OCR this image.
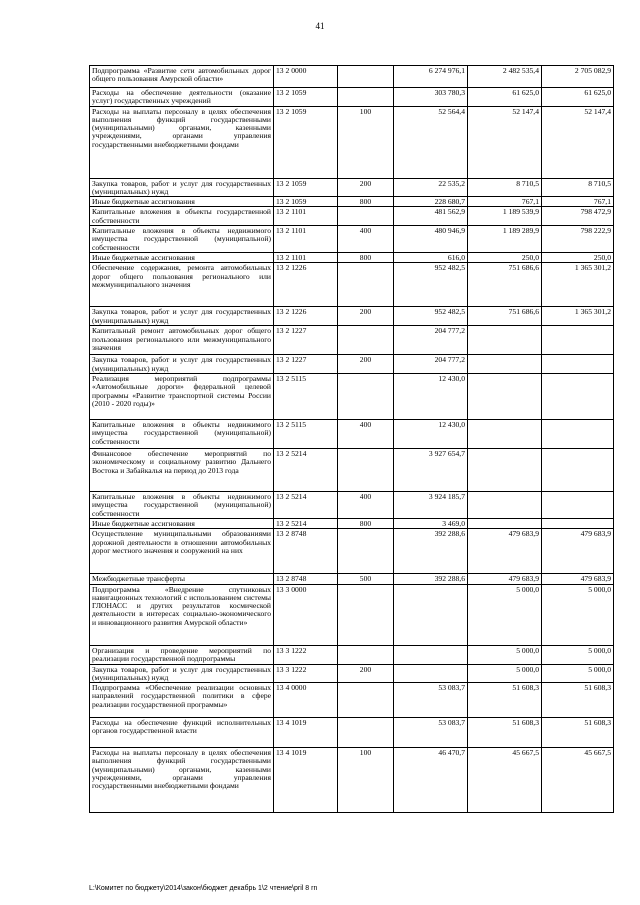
41
Подпрограмма «Развитие сети автомобильных дорог общего пользования Амурской области»	13 2 0000		6 274 976,1	2 482 535,4	2 705 082,9
Расходы на обеспечение деятельности (оказание услуг) государственных учреждений	13 2 1059		303 780,3	61 625,0	61 625,0
Расходы на выплаты персоналу в целях обеспечения выполнения функций государственными (муниципальными) органами, казенными учреждениями, органами управления государственными внебюджетными фондами	13 2 1059	100	52 564,4	52 147,4	52 147,4
Закупка товаров, работ и услуг для государственных (муниципальных) нужд	13 2 1059	200	22 535,2	8 710,5	8 710,5
Иные бюджетные ассигнования	13 2 1059	800	228 680,7	767,1	767,1
Капитальные вложения в объекты государственной собственности	13 2 1101		481 562,9	1 189 539,9	798 472,9
Капитальные вложения в объекты недвижимого имущества государственной (муниципальной) собственности	13 2 1101	400	480 946,9	1 189 289,9	798 222,9
Иные бюджетные ассигнования	13 2 1101	800	616,0	250,0	250,0
Обеспечение содержания, ремонта автомобильных дорог общего пользования регионального или межмуниципального значения	13 2 1226		952 482,5	751 686,6	1 365 301,2
Закупка товаров, работ и услуг для государственных (муниципальных) нужд	13 2 1226	200	952 482,5	751 686,6	1 365 301,2
Капитальный ремонт автомобильных дорог общего пользования регионального или межмуниципального значения	13 2 1227		204 777,2		
Закупка товаров, работ и услуг для государственных (муниципальных) нужд	13 2 1227	200	204 777,2		
Реализация мероприятий подпрограммы «Автомобильные дороги» федеральной целевой программы «Развитие транспортной системы России (2010 - 2020 годы)»	13 2 5115		12 430,0		
Капитальные вложения в объекты недвижимого имущества государственной (муниципальной) собственности	13 2 5115	400	12 430,0		
Финансовое обеспечение мероприятий по экономическому и социальному развитию Дальнего Востока и Забайкалья на период до 2013 года	13 2 5214		3 927 654,7		
Капитальные вложения в объекты недвижимого имущества государственной (муниципальной) собственности	13 2 5214	400	3 924 185,7		
Иные бюджетные ассигнования	13 2 5214	800	3 469,0		
Осуществление муниципальными образованиями дорожной деятельности в отношении автомобильных дорог местного значения и сооружений на них	13 2 8748		392 288,6	479 683,9	479 683,9
Межбюджетные трансферты	13 2 8748	500	392 288,6	479 683,9	479 683,9
Подпрограмма «Внедрение спутниковых навигационных технологий с использованием системы ГЛОНАСС и других результатов космической деятельности в интересах социально-экономического и инновационного развития Амурской области»	13 3 0000			5 000,0	5 000,0
Организация и проведение мероприятий по реализации государственной подпрограммы	13 3 1222			5 000,0	5 000,0
Закупка товаров, работ и услуг для государственных (муниципальных) нужд	13 3 1222	200		5 000,0	5 000,0
Подпрограмма «Обеспечение реализации основных направлений государственной политики в сфере реализации государственной программы»	13 4 0000		53 083,7	51 608,3	51 608,3
Расходы на обеспечение функций исполнительных органов государственной власти	13 4 1019		53 083,7	51 608,3	51 608,3
Расходы на выплаты персоналу в целях обеспечения выполнения функций государственными (муниципальными) органами, казенными учреждениями, органами управления государственными внебюджетными фондами	13 4 1019	100	46 470,7	45 667,5	45 667,5
L:\Комитет по бюджету\2014\закон\бюджет декабрь 1\2 чтение\pril 8 rn
